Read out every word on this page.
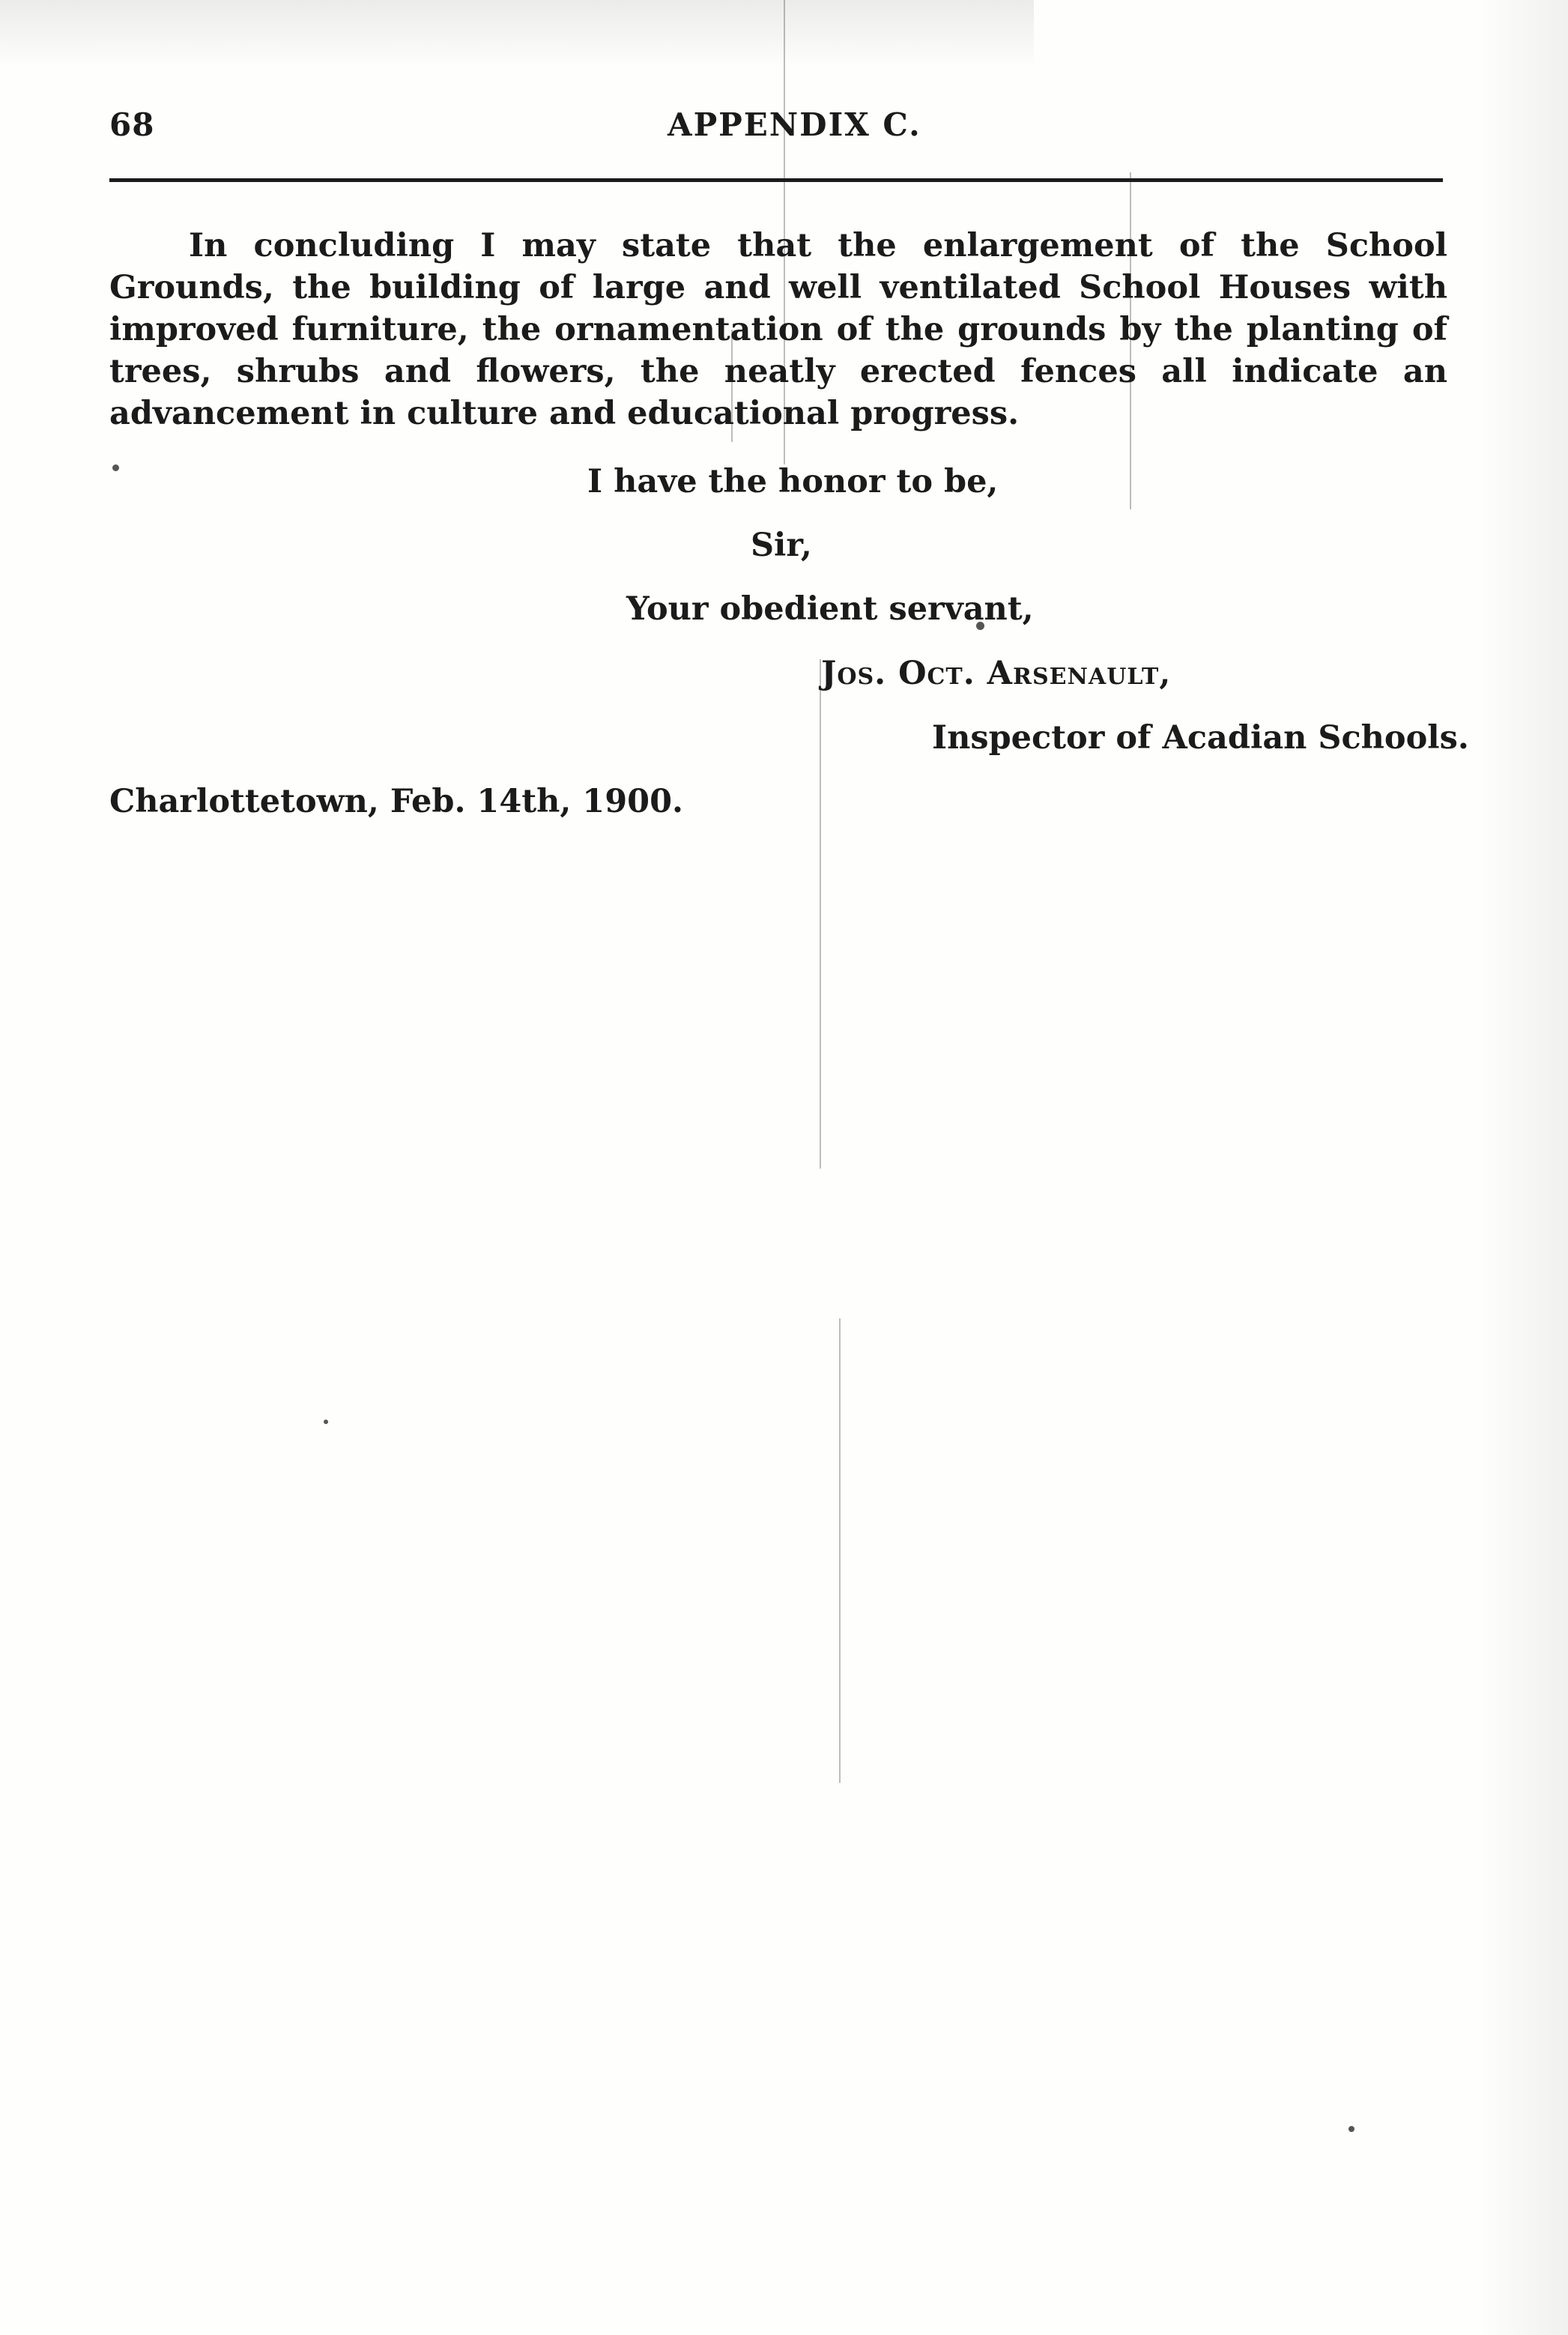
68	APPENDIX C.

In concluding I may state that the enlargement of the School Grounds, the building of large and well ventilated School Houses with improved furniture, the ornamentation of the grounds by the planting of trees, shrubs and flowers, the neatly erected fences all indicate an advancement in culture and educational progress.

I have the honor to be,
Sir,
Your obedient servant,
Jos. Oct. Arsenault,
Inspector of Acadian Schools.
Charlottetown, Feb. 14th, 1900.
